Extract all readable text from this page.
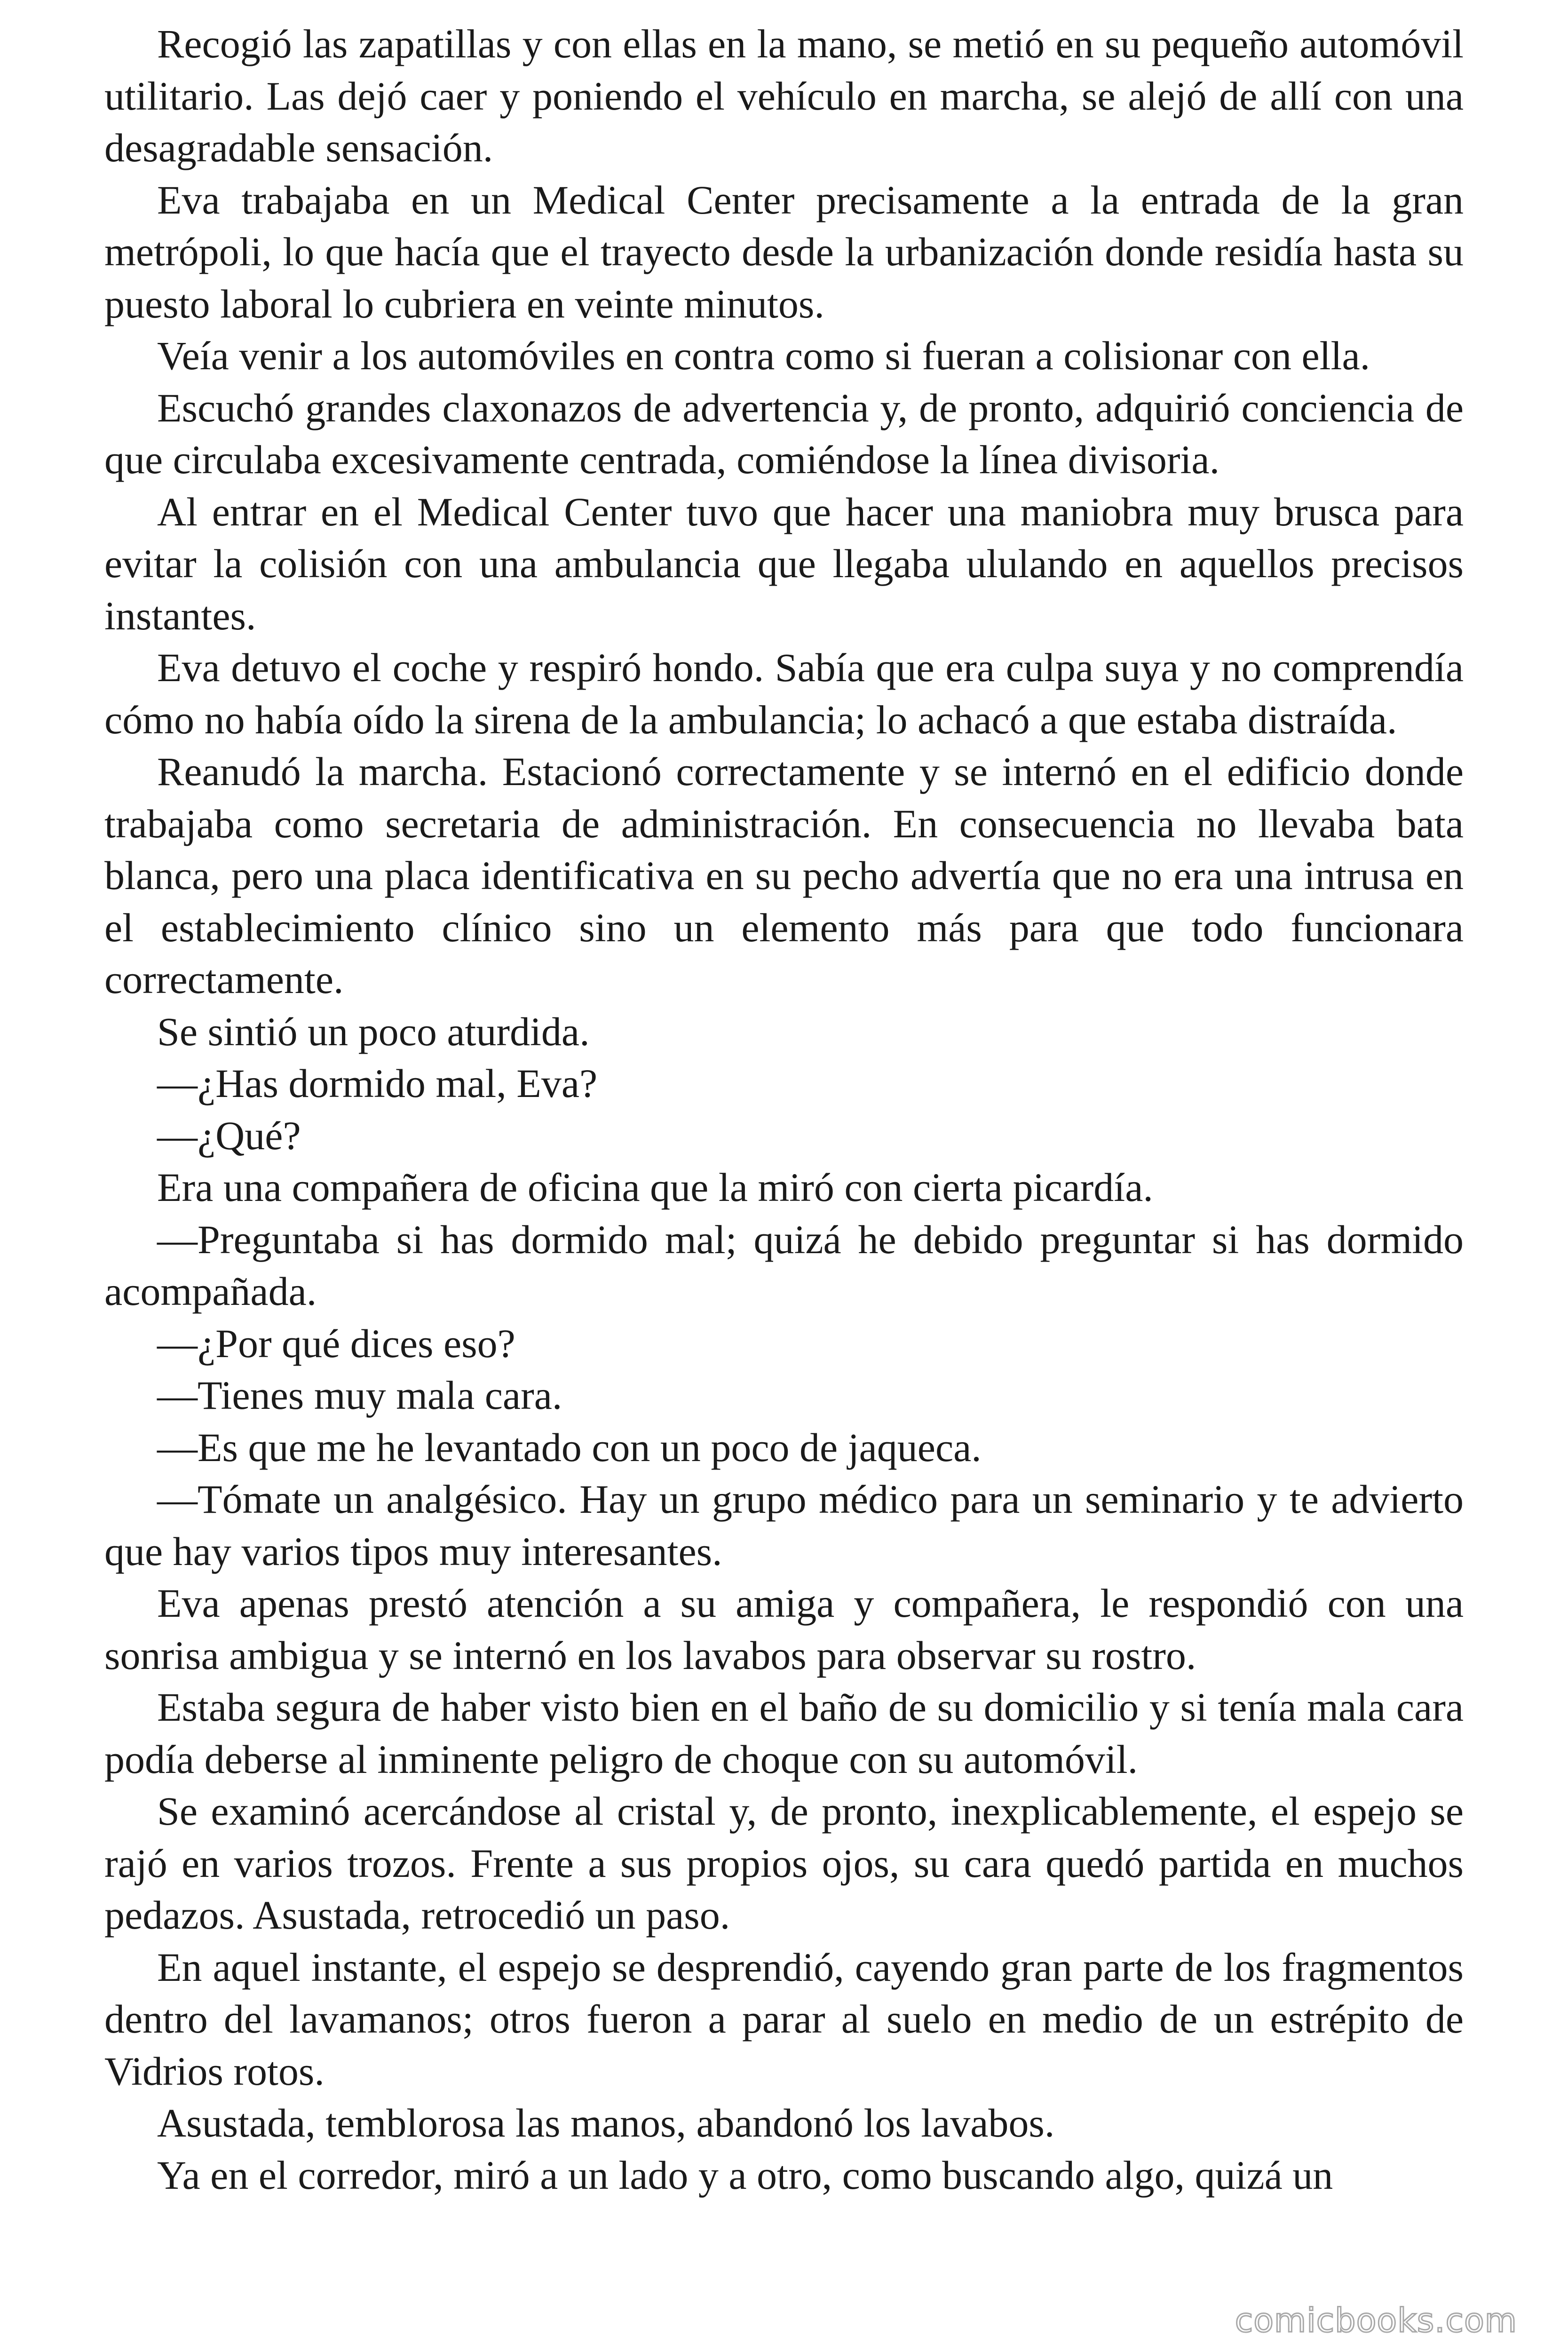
Recogió las zapatillas y con ellas en la mano, se metió en su pequeño automóvil utilitario. Las dejó caer y poniendo el vehículo en marcha, se alejó de allí con una desagradable sensación.

Eva trabajaba en un Medical Center precisamente a la entrada de la gran metrópoli, lo que hacía que el trayecto desde la urbanización donde residía hasta su puesto laboral lo cubriera en veinte minutos.

Veía venir a los automóviles en contra como si fueran a colisionar con ella.

Escuchó grandes claxonazos de advertencia y, de pronto, adquirió conciencia de que circulaba excesivamente centrada, comiéndose la línea divisoria.

Al entrar en el Medical Center tuvo que hacer una maniobra muy brusca para evitar la colisión con una ambulancia que llegaba ululando en aquellos precisos instantes.

Eva detuvo el coche y respiró hondo. Sabía que era culpa suya y no comprendía cómo no había oído la sirena de la ambulancia; lo achacó a que estaba distraída.

Reanudó la marcha. Estacionó correctamente y se internó en el edificio donde trabajaba como secretaria de administración. En consecuencia no llevaba bata blanca, pero una placa identificativa en su pecho advertía que no era una intrusa en el establecimiento clínico sino un elemento más para que todo funcionara correctamente.

Se sintió un poco aturdida.

—¿Has dormido mal, Eva?

—¿Qué?

Era una compañera de oficina que la miró con cierta picardía.

—Preguntaba si has dormido mal; quizá he debido preguntar si has dormido acompañada.

—¿Por qué dices eso?

—Tienes muy mala cara.

—Es que me he levantado con un poco de jaqueca.

—Tómate un analgésico. Hay un grupo médico para un seminario y te advierto que hay varios tipos muy interesantes.

Eva apenas prestó atención a su amiga y compañera, le respondió con una sonrisa ambigua y se internó en los lavabos para observar su rostro.

Estaba segura de haber visto bien en el baño de su domicilio y si tenía mala cara podía deberse al inminente peligro de choque con su automóvil.

Se examinó acercándose al cristal y, de pronto, inexplicablemente, el espejo se rajó en varios trozos. Frente a sus propios ojos, su cara quedó partida en muchos pedazos. Asustada, retrocedió un paso.

En aquel instante, el espejo se desprendió, cayendo gran parte de los fragmentos dentro del lavamanos; otros fueron a parar al suelo en medio de un estrépito de Vidrios rotos.

Asustada, temblorosa las manos, abandonó los lavabos.

Ya en el corredor, miró a un lado y a otro, como buscando algo, quizá un

comicbooks.com
